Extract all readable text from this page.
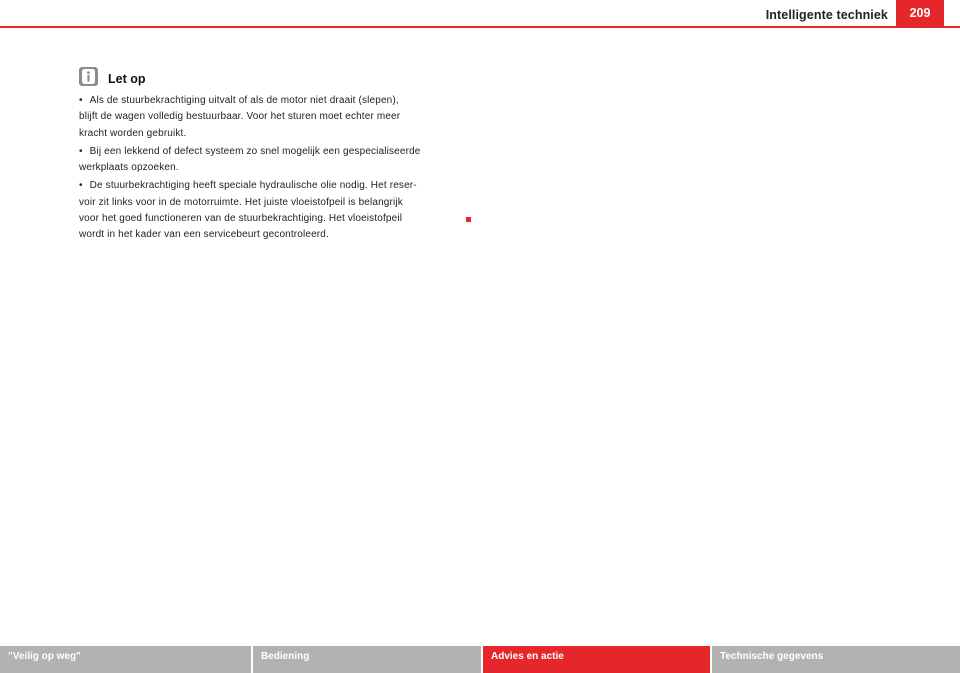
Intelligente techniek	209
Let op
• Als de stuurbekrachtiging uitvalt of als de motor niet draait (slepen),
blijft de wagen volledig bestuurbaar. Voor het sturen moet echter meer
kracht worden gebruikt.
• Bij een lekkend of defect systeem zo snel mogelijk een gespecialiseerde
werkplaats opzoeken.
• De stuurbekrachtiging heeft speciale hydraulische olie nodig. Het reser-
voir zit links voor in de motorruimte. Het juiste vloeistofpeil is belangrijk
voor het goed functioneren van de stuurbekrachtiging. Het vloeistofpeil
wordt in het kader van een servicebeurt gecontroleerd.
"Veilig op weg"	Bediening	Advies en actie	Technische gegevens
